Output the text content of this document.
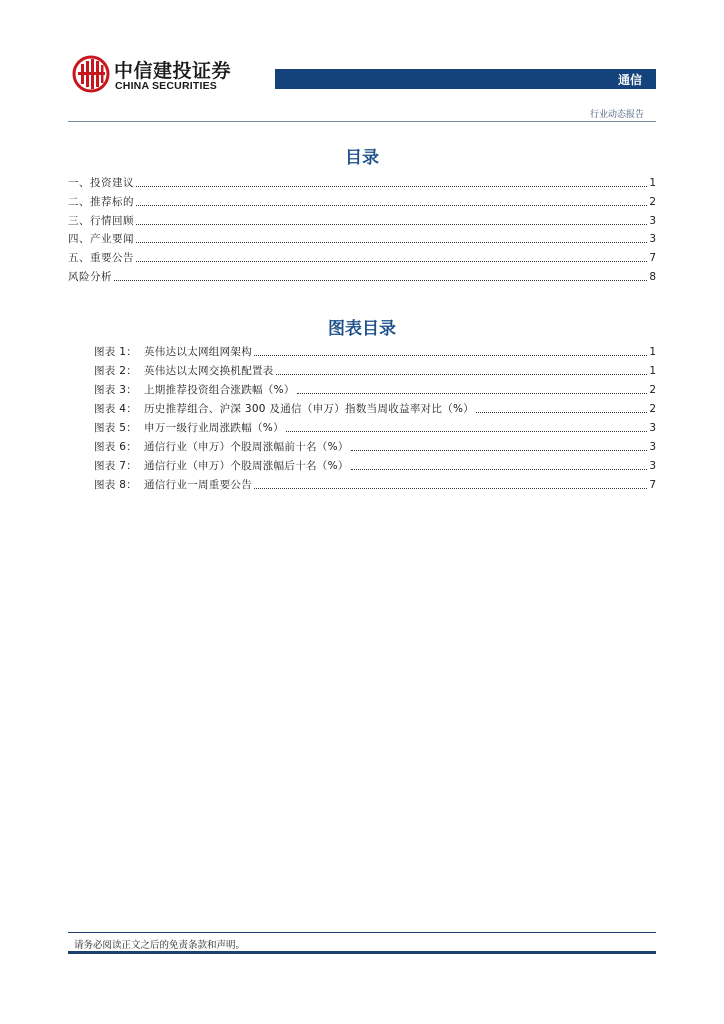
中信建投证券
CHINA SECURITIES	通信
行业动态报告
目录
一、投资建议	1
二、推荐标的	2
三、行情回顾	3
四、产业要闻	3
五、重要公告	7
风险分析	8
图表目录
图表 1： 英伟达以太网组网架构	1
图表 2： 英伟达以太网交换机配置表	1
图表 3： 上期推荐投资组合涨跌幅（%）	2
图表 4： 历史推荐组合、沪深 300 及通信（申万）指数当周收益率对比（%）	2
图表 5： 申万一级行业周涨跌幅（%）	3
图表 6： 通信行业（申万）个股周涨幅前十名（%）	3
图表 7： 通信行业（申万）个股周涨幅后十名（%）	3
图表 8： 通信行业一周重要公告	7
请务必阅读正文之后的免责条款和声明。
